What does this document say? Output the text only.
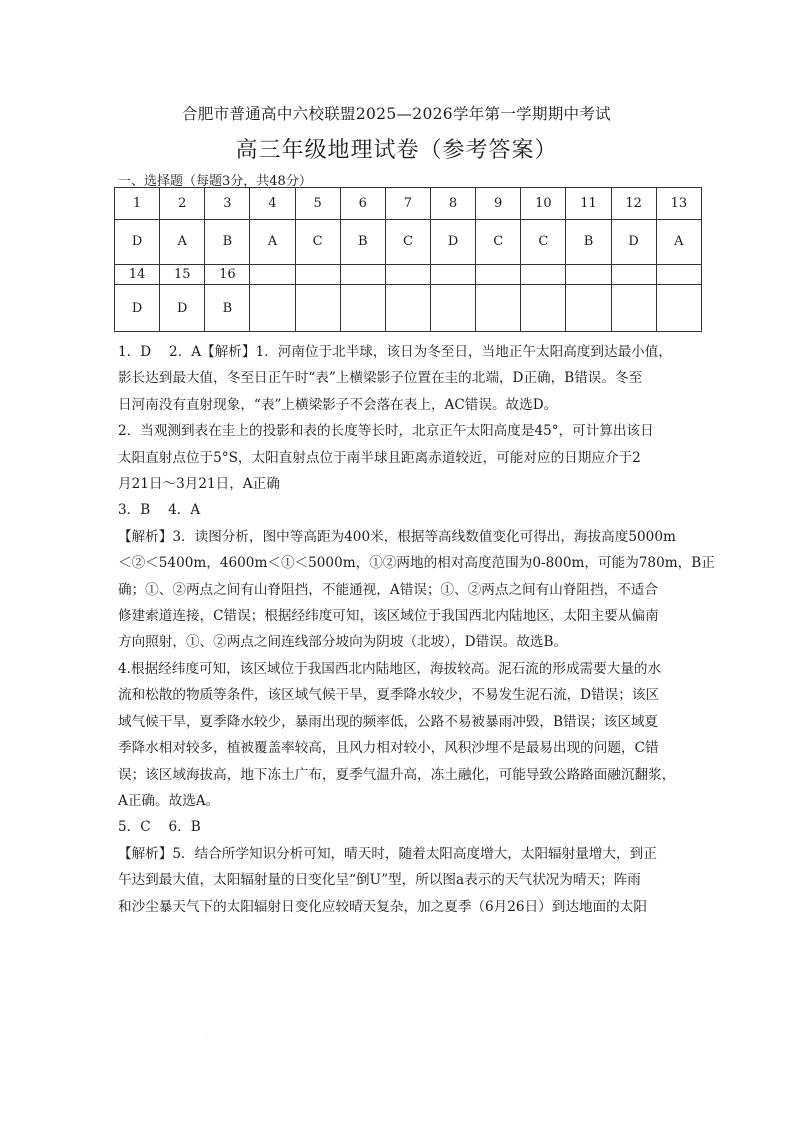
合肥市普通高中六校联盟2025—2026学年第一学期期中考试
高三年级地理试卷（参考答案）
一、选择题（每题3分，共48分）
1	2	3	4	5	6	7	8	9	10	11	12	13
D	A	B	A	C	B	C	D	C	C	B	D	A
14	15	16										
D	D	B										

1．D　 2．A【解析】1．河南位于北半球，该日为冬至日，当地正午太阳高度到达最小值，

影长达到最大值，冬至日正午时“表”上横梁影子位置在圭的北端，D正确，B错误。冬至

日河南没有直射现象，“表”上横梁影子不会落在表上，AC错误。故选D。

2．当观测到表在圭上的投影和表的长度等长时，北京正午太阳高度是45°，可计算出该日

太阳直射点位于5°S，太阳直射点位于南半球且距离赤道较近，可能对应的日期应介于2

月21日～3月21日，A正确

3．B　 4．A

【解析】3．读图分析，图中等高距为400米，根据等高线数值变化可得出，海拔高度5000m

＜②＜5400m，4600m＜①＜5000m，①②两地的相对高度范围为0-800m，可能为780m，B正

确；①、②两点之间有山脊阻挡，不能通视，A错误；①、②两点之间有山脊阻挡，不适合

修建索道连接，C错误；根据经纬度可知，该区域位于我国西北内陆地区，太阳主要从偏南

方向照射，①、②两点之间连线部分坡向为阴坡（北坡），D错误。故选B。

4.根据经纬度可知，该区域位于我国西北内陆地区，海拔较高。泥石流的形成需要大量的水

流和松散的物质等条件，该区域气候干旱，夏季降水较少，不易发生泥石流，D错误；该区

域气候干旱，夏季降水较少，暴雨出现的频率低，公路不易被暴雨冲毁，B错误；该区域夏

季降水相对较多，植被覆盖率较高，且风力相对较小，风积沙埋不是最易出现的问题，C错

误；该区域海拔高，地下冻土广布，夏季气温升高，冻土融化，可能导致公路路面融沉翻浆，

A正确。故选A。

5．C　 6．B

【解析】5．结合所学知识分析可知，晴天时，随着太阳高度增大，太阳辐射量增大，到正

午达到最大值，太阳辐射量的日变化呈“倒U”型，所以图a表示的天气状况为晴天；阵雨

和沙尘暴天气下的太阳辐射日变化应较晴天复杂，加之夏季（6月26日）到达地面的太阳

·
